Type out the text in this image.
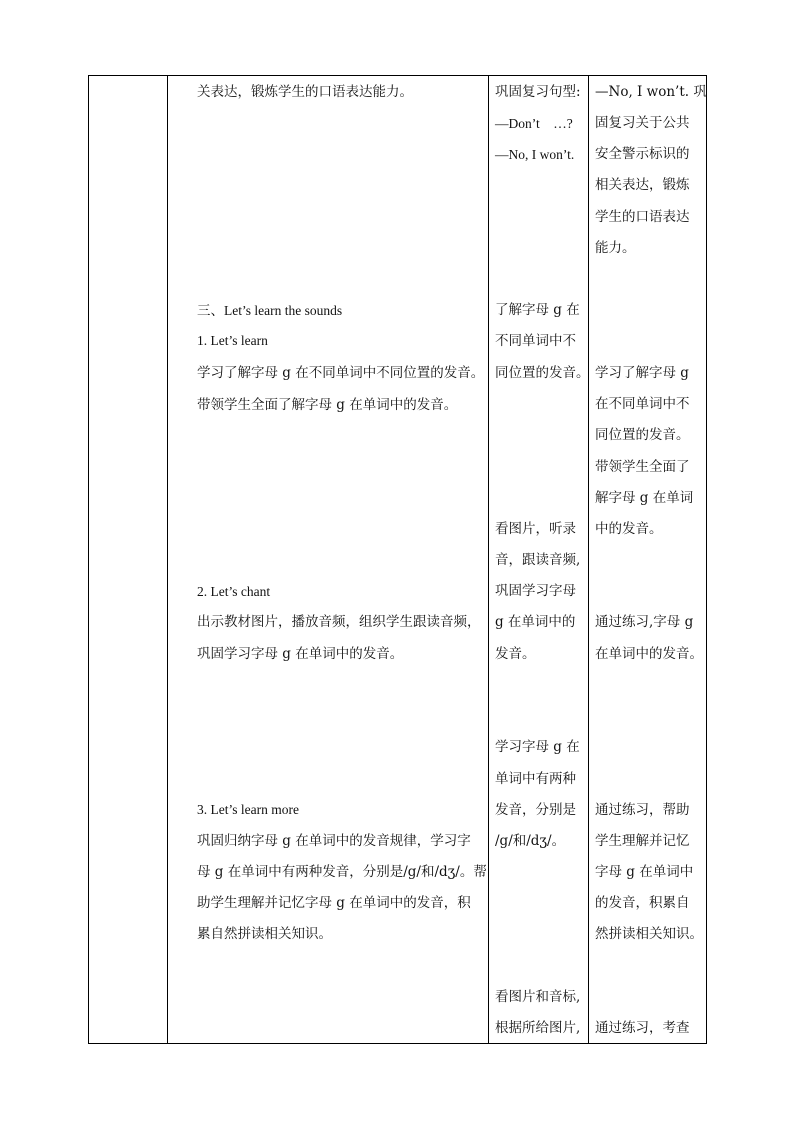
关表达，锻炼学生的口语表达能力。
三、Let’s learn the sounds
1. Let’s learn
学习了解字母 g 在不同单词中不同位置的发音。
带领学生全面了解字母 g 在单词中的发音。
2. Let’s chant
出示教材图片，播放音频，组织学生跟读音频，
巩固学习字母 g 在单词中的发音。
3. Let’s learn more
巩固归纳字母 g 在单词中的发音规律，学习字
母 g 在单词中有两种发音，分别是/g/和/dʒ/。帮
助学生理解并记忆字母 g 在单词中的发音，积
累自然拼读相关知识。
巩固复习句型:
—Don’t　…?
—No, I won’t.
了解字母 g 在
不同单词中不
同位置的发音。
看图片，听录
音，跟读音频,
巩固学习字母
g 在单词中的
发音。
学习字母 g 在
单词中有两种
发音，分别是
/g/和/dʒ/。
看图片和音标,
根据所给图片,
—No, I won’t. 巩
固复习关于公共
安全警示标识的
相关表达，锻炼
学生的口语表达
能力。
学习了解字母 g
在不同单词中不
同位置的发音。
带领学生全面了
解字母 g 在单词
中的发音。
通过练习,字母 g
在单词中的发音。
通过练习，帮助
学生理解并记忆
字母 g 在单词中
的发音，积累自
然拼读相关知识。
通过练习，考查
